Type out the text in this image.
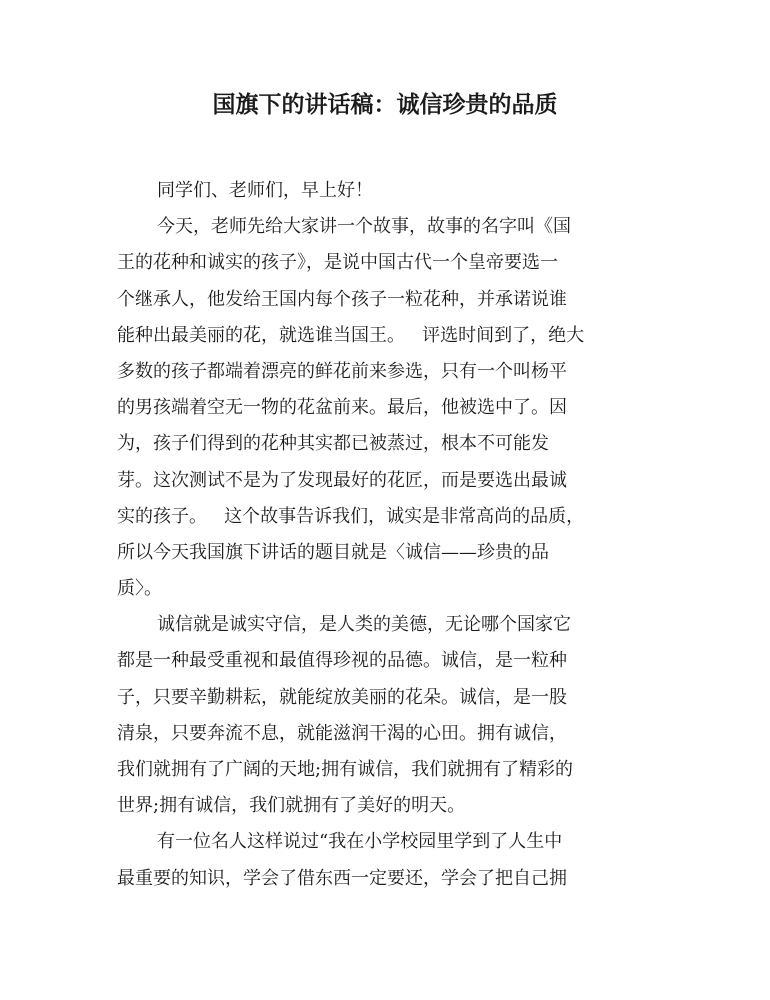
国旗下的讲话稿：诚信珍贵的品质
同学们、老师们，早上好！
今天，老师先给大家讲一个故事，故事的名字叫《国
王的花种和诚实的孩子》，是说中国古代一个皇帝要选一
个继承人，他发给王国内每个孩子一粒花种，并承诺说谁
能种出最美丽的花，就选谁当国王。   评选时间到了，绝大
多数的孩子都端着漂亮的鲜花前来参选，只有一个叫杨平
的男孩端着空无一物的花盆前来。最后，他被选中了。因
为，孩子们得到的花种其实都已被蒸过，根本不可能发
芽。这次测试不是为了发现最好的花匠，而是要选出最诚
实的孩子。   这个故事告诉我们，诚实是非常高尚的品质，
所以今天我国旗下讲话的题目就是〈诚信——珍贵的品
质〉。
诚信就是诚实守信，是人类的美德，无论哪个国家它
都是一种最受重视和最值得珍视的品德。诚信，是一粒种
子，只要辛勤耕耘，就能绽放美丽的花朵。诚信，是一股
清泉，只要奔流不息，就能滋润干渴的心田。拥有诚信，
我们就拥有了广阔的天地;拥有诚信，我们就拥有了精彩的
世界;拥有诚信，我们就拥有了美好的明天。
有一位名人这样说过“我在小学校园里学到了人生中
最重要的知识，学会了借东西一定要还，学会了把自己拥
